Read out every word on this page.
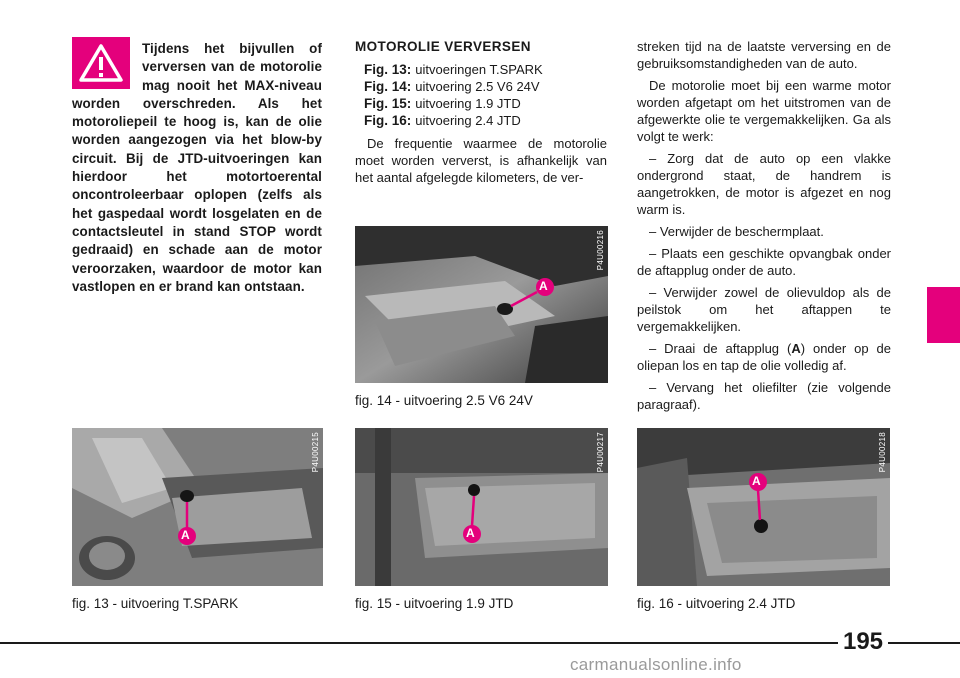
Tijdens het bijvullen of verversen van de motorolie mag nooit het MAX-niveau worden overschreden. Als het motoroliepeil te hoog is, kan de olie worden aangezogen via het blow-by circuit. Bij de JTD-uitvoeringen kan hierdoor het motortoerental oncontroleerbaar oplopen (zelfs als het gaspedaal wordt losgelaten en de contactsleutel in stand STOP wordt gedraaid) en schade aan de motor veroorzaken, waardoor de motor kan vastlopen en er brand kan ontstaan.
MOTOROLIE VERVERSEN
Fig. 13: uitvoeringen T.SPARK
Fig. 14: uitvoering 2.5 V6 24V
Fig. 15: uitvoering 1.9 JTD
Fig. 16: uitvoering 2.4 JTD

De frequentie waarmee de motorolie moet worden ververst, is afhankelijk van het aantal afgelegde kilometers, de ver-

streken tijd na de laatste verversing en de gebruiksomstandigheden van de auto.

De motorolie moet bij een warme motor worden afgetapt om het uitstromen van de afgewerkte olie te vergemakkelijken. Ga als volgt te werk:

– Zorg dat de auto op een vlakke ondergrond staat, de handrem is aangetrokken, de motor is afgezet en nog warm is.

– Verwijder de beschermplaat.

– Plaats een geschikte opvangbak onder de aftapplug onder de auto.

– Verwijder zowel de olievuldop als de peilstok om het aftappen te vergemakkelijken.

– Draai de aftapplug (A) onder op de oliepan los en tap de olie volledig af.

– Vervang het oliefilter (zie volgende paragraaf).

A
P4U00216
fig. 14 - uitvoering 2.5 V6 24V
A
P4U00215
fig. 13 - uitvoering T.SPARK
A
P4U00217
fig. 15 - uitvoering 1.9 JTD
A
P4U00218
fig. 16 - uitvoering 2.4 JTD
195
carmanualsonline.info
